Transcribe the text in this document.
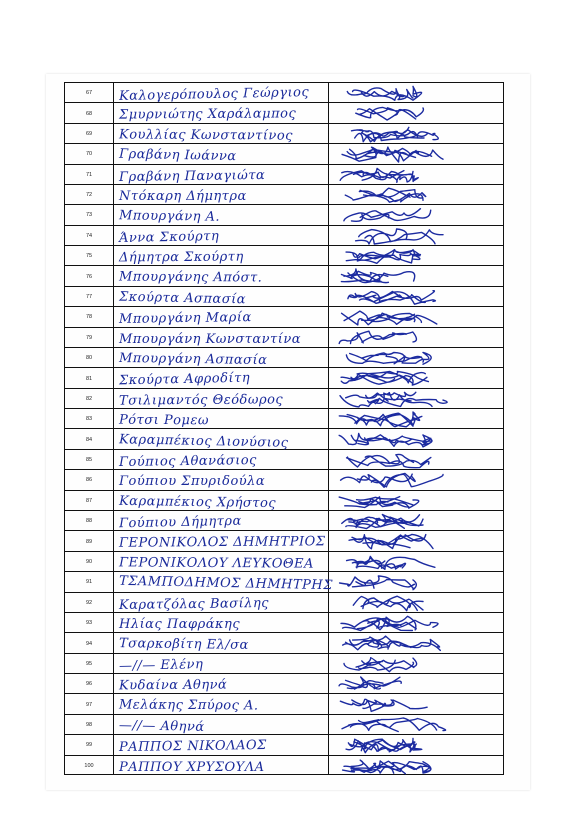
67	Καλογερόπουλος Γεώργιος
68	Σμυρνιώτης Χαράλαμπος
69	Κουλλίας Κωνσταντίνος
70	Γραβάνη Ιωάννα
71	Γραβάνη Παναγιώτα
72	Ντόκαρη Δήμητρα
73	Μπουργάνη Α.
74	Άννα Σκούρτη
75	Δήμητρα Σκούρτη
76	Μπουργάνης Απόστ.
77	Σκούρτα Ασπασία
78	Μπουργάνη Μαρία
79	Μπουργάνη Κωνσταντίνα
80	Μπουργάνη Ασπασία
81	Σκούρτα Αφροδίτη
82	Τσιλιμαντός Θεόδωρος
83	Ρότσι Ρομεω
84	Καραμπέκιος Διονύσιος
85	Γούπιος Αθανάσιος
86	Γούπιου Σπυριδούλα
87	Καραμπέκιος Χρήστος
88	Γούπιου Δήμητρα
89	ΓΕΡΟΝΙΚΟΛΟΣ ΔΗΜΗΤΡΙΟΣ
90	ΓΕΡΟΝΙΚΟΛΟΥ ΛΕΥΚΟΘΕΑ
91	ΤΣΑΜΠΟΔΗΜΟΣ ΔΗΜΗΤΡΗΣ
92	Καρατζόλας Βασίλης
93	Ηλίας Παφράκης
94	Τσαρκοβίτη Ελ/σα
95	—//— Ελένη
96	Κυδαίνα Αθηνά
97	Μελάκης Σπύρος Α.
98	—//— Αθηνά
99	ΡΑΠΠΟΣ ΝΙΚΟΛΑΟΣ
100	ΡΑΠΠΟΥ ΧΡΥΣΟΥΛΑ
